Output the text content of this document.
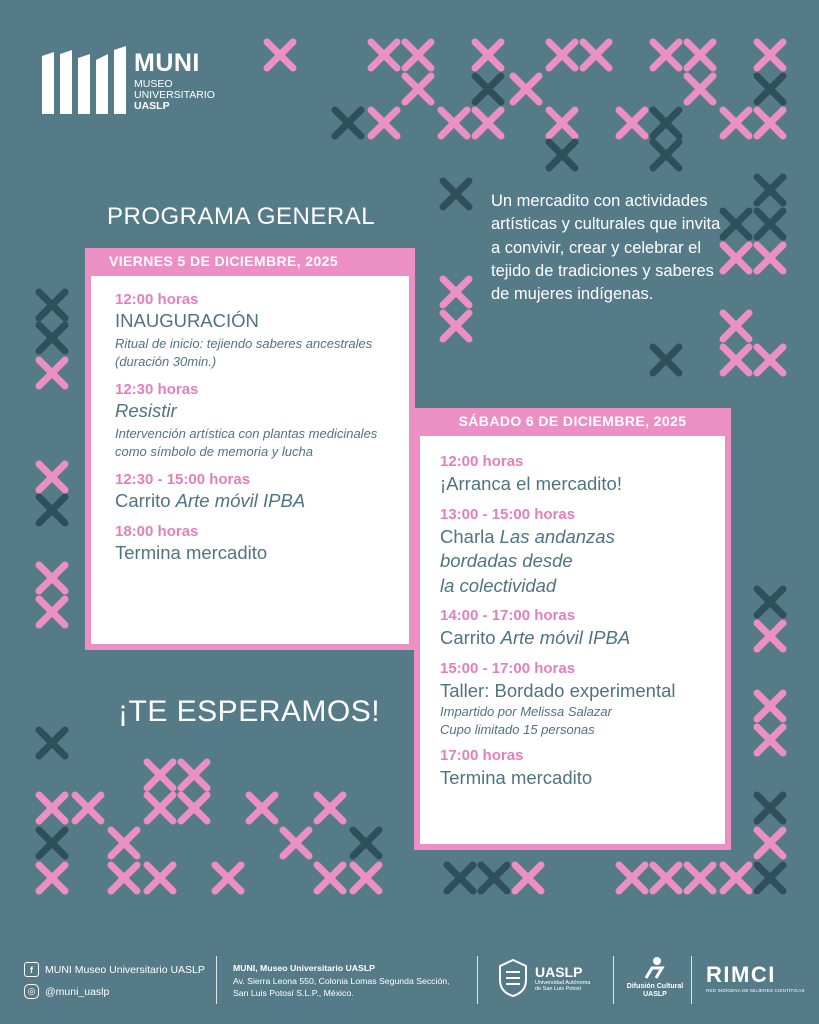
MUNI
MUSEO
UNIVERSITARIO
UASLP
PROGRAMA GENERAL
Un mercadito con actividades artísticas y culturales que invita a convivir, crear y celebrar el tejido de tradiciones y saberes de mujeres indígenas.
VIERNES 5 DE DICIEMBRE, 2025
12:00 horas
INAUGURACIÓN
Ritual de inicio: tejiendo saberes ancestrales (duración 30min.)
12:30 horas
Resistir
Intervención artística con plantas medicinales como símbolo de memoria y lucha
12:30 - 15:00 horas
Carrito Arte móvil IPBA
18:00 horas
Termina mercadito
SÁBADO 6 DE DICIEMBRE, 2025
12:00 horas
¡Arranca el mercadito!
13:00 - 15:00 horas
Charla Las andanzas
bordadas desde
la colectividad
14:00 - 17:00 horas
Carrito Arte móvil IPBA
15:00 - 17:00 horas
Taller: Bordado experimental
Impartido por Melissa Salazar
Cupo limitado 15 personas
17:00 horas
Termina mercadito
¡TE ESPERAMOS!
f	MUNI Museo Universitario UASLP
◎ @muni_uaslp
MUNI, Museo Universitario UASLP
Av. Sierra Leona 550, Colonia Lomas Segunda Sección,
San Luis Potosí S.L.P., México.
UASLP
Universidad Autónoma
de San Luis Potosí	Difusión Cultural
UASLP
RIMCI
RED INDÍGENA DE MUJERES CIENTÍFICAS
